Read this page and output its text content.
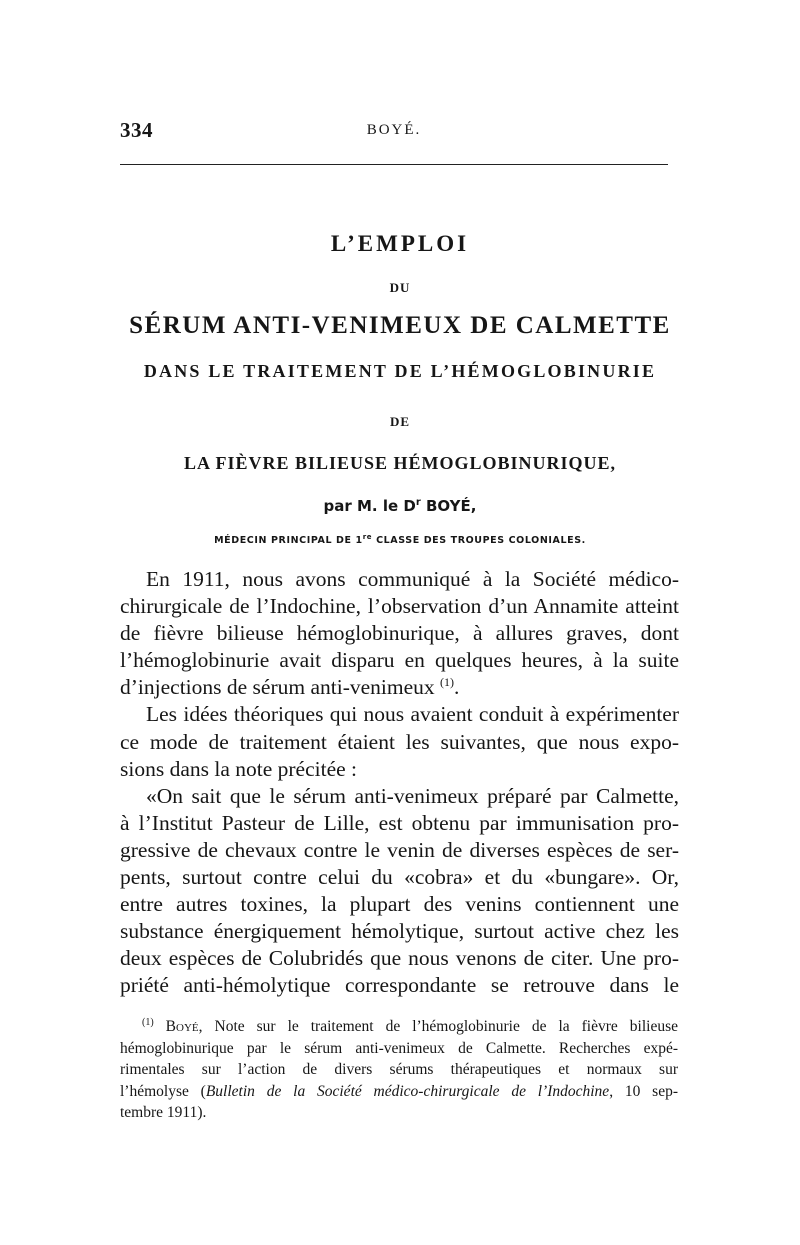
334	BOYÉ.
L’EMPLOI
DU
SÉRUM ANTI-VENIMEUX DE CALMETTE
DANS LE TRAITEMENT DE L’HÉMOGLOBINURIE
DE
LA FIÈVRE BILIEUSE HÉMOGLOBINURIQUE,
par M. le $D^r$ BOYÉ,
MÉDECIN PRINCIPAL DE 1re CLASSE DES TROUPES COLONIALES.
En 1911, nous avons communiqué à la Société médico-
chirurgicale de l’Indochine, l’observation d’un Annamite atteint
de fièvre bilieuse hémoglobinurique, à allures graves, dont
l’hémoglobinurie avait disparu en quelques heures, à la suite
d’injections de sérum anti-venimeux $^{(1)}$.
Les idées théoriques qui nous avaient conduit à expérimenter
ce mode de traitement étaient les suivantes, que nous expo-
sions dans la note précitée :
«On sait que le sérum anti-venimeux préparé par Calmette,
à l’Institut Pasteur de Lille, est obtenu par immunisation pro-
gressive de chevaux contre le venin de diverses espèces de ser-
pents, surtout contre celui du «cobra» et du «bungare». Or,
entre autres toxines, la plupart des venins contiennent une
substance énergiquement hémolytique, surtout active chez les
deux espèces de Colubridés que nous venons de citer. Une pro-
priété anti-hémolytique correspondante se retrouve dans le
$^{(1)}$ Boyé, Note sur le traitement de l’hémoglobinurie de la fièvre bilieuse
hémoglobinurique par le sérum anti-venimeux de Calmette. Recherches expé-
rimentales sur l’action de divers sérums thérapeutiques et normaux sur
l’hémolyse (Bulletin de la Société médico-chirurgicale de l’Indochine, 10 sep-
tembre 1911).
